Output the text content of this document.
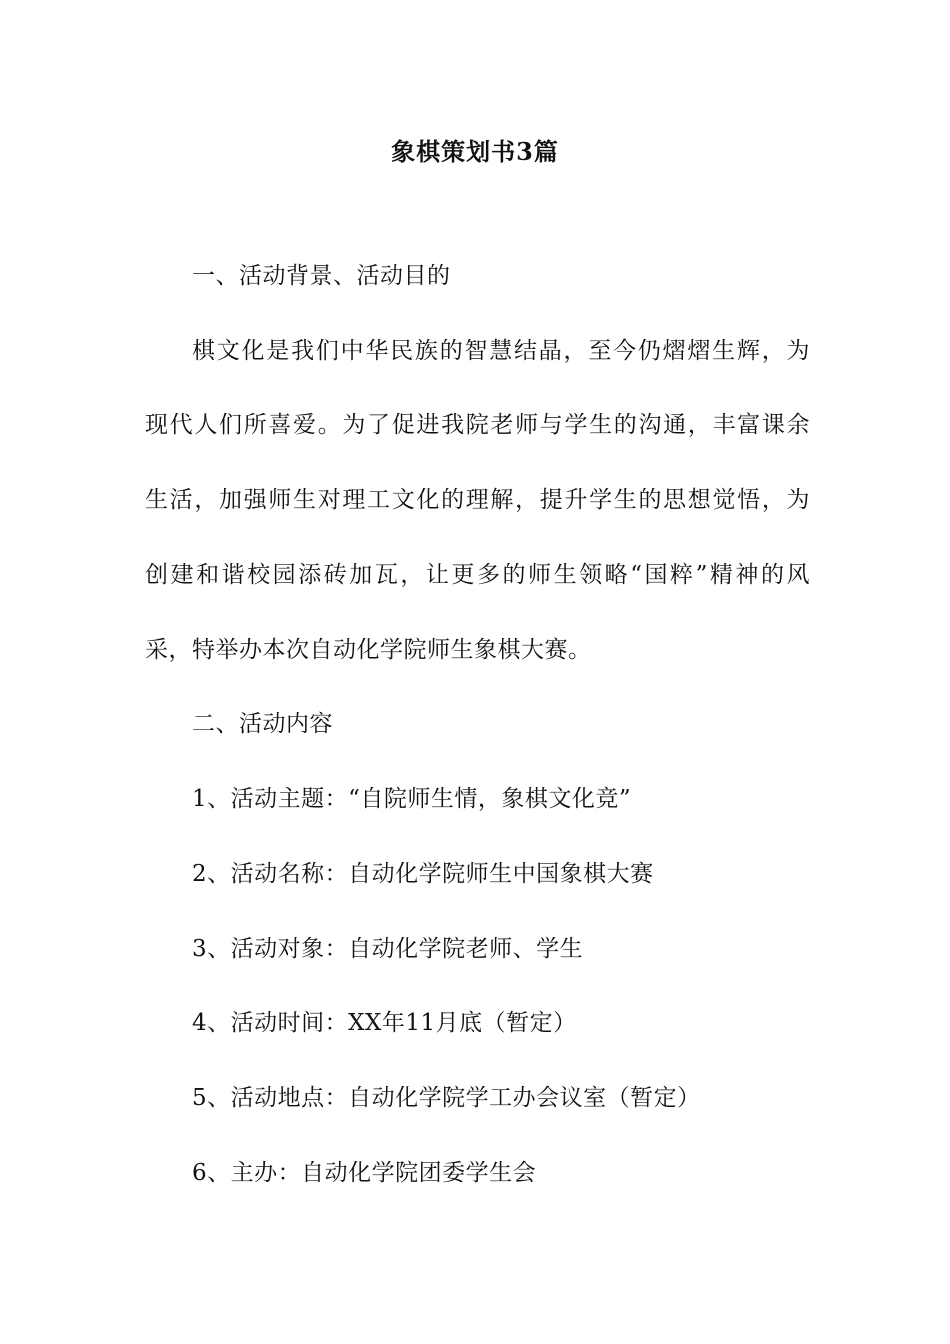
象棋策划书3篇

一、活动背景、活动目的

棋文化是我们中华民族的智慧结晶，至今仍熠熠生辉，为

现代人们所喜爱。为了促进我院老师与学生的沟通，丰富课余

生活，加强师生对理工文化的理解，提升学生的思想觉悟，为

创建和谐校园添砖加瓦，让更多的师生领略“国粹”精神的风

采，特举办本次自动化学院师生象棋大赛。

二、活动内容

1、活动主题：“自院师生情，象棋文化竞”

2、活动名称：自动化学院师生中国象棋大赛

3、活动对象：自动化学院老师、学生

4、活动时间：XX年11月底（暂定）

5、活动地点：自动化学院学工办会议室（暂定）

6、主办：自动化学院团委学生会
